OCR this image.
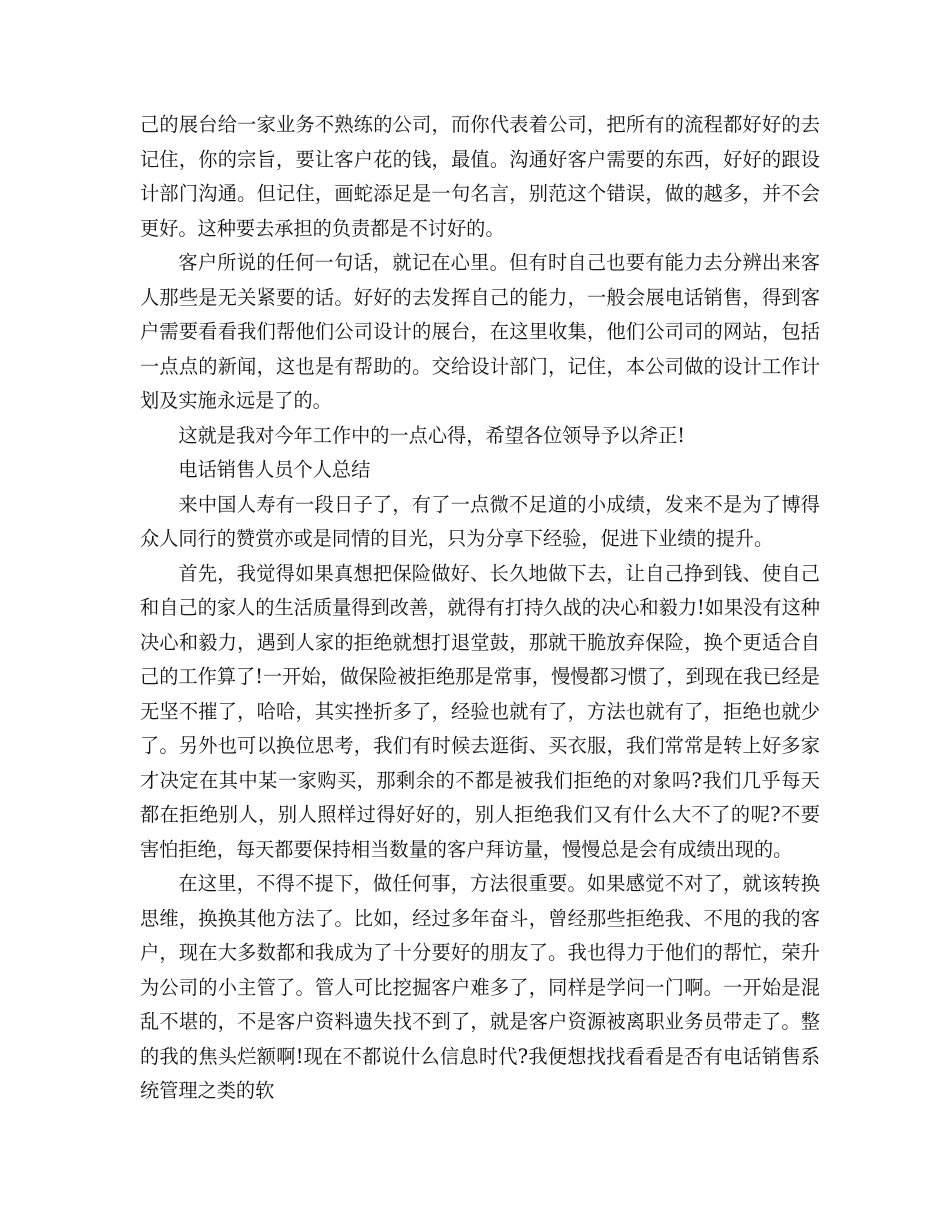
己的展台给一家业务不熟练的公司，而你代表着公司，把所有的流程都好好的去记住，你的宗旨，要让客户花的钱，最值。沟通好客户需要的东西，好好的跟设计部门沟通。但记住，画蛇添足是一句名言，别范这个错误，做的越多，并不会更好。这种要去承担的负责都是不讨好的。

客户所说的任何一句话，就记在心里。但有时自己也要有能力去分辨出来客人那些是无关紧要的话。好好的去发挥自己的能力，一般会展电话销售，得到客户需要看看我们帮他们公司设计的展台，在这里收集，他们公司司的网站，包括一点点的新闻，这也是有帮助的。交给设计部门，记住，本公司做的设计工作计划及实施永远是了的。

这就是我对今年工作中的一点心得，希望各位领导予以斧正!

电话销售人员个人总结

来中国人寿有一段日子了，有了一点微不足道的小成绩，发来不是为了博得众人同行的赞赏亦或是同情的目光，只为分享下经验，促进下业绩的提升。

首先，我觉得如果真想把保险做好、长久地做下去，让自己挣到钱、使自己和自己的家人的生活质量得到改善，就得有打持久战的决心和毅力!如果没有这种决心和毅力，遇到人家的拒绝就想打退堂鼓，那就干脆放弃保险，换个更适合自己的工作算了!一开始，做保险被拒绝那是常事，慢慢都习惯了，到现在我已经是无坚不摧了，哈哈，其实挫折多了，经验也就有了，方法也就有了，拒绝也就少了。另外也可以换位思考，我们有时候去逛街、买衣服，我们常常是转上好多家才决定在其中某一家购买，那剩余的不都是被我们拒绝的对象吗?我们几乎每天都在拒绝别人，别人照样过得好好的，别人拒绝我们又有什么大不了的呢?不要害怕拒绝，每天都要保持相当数量的客户拜访量，慢慢总是会有成绩出现的。

在这里，不得不提下，做任何事，方法很重要。如果感觉不对了，就该转换思维，换换其他方法了。比如，经过多年奋斗，曾经那些拒绝我、不甩的我的客户，现在大多数都和我成为了十分要好的朋友了。我也得力于他们的帮忙，荣升为公司的小主管了。管人可比挖掘客户难多了，同样是学问一门啊。一开始是混乱不堪的，不是客户资料遗失找不到了，就是客户资源被离职业务员带走了。整的我的焦头烂额啊!现在不都说什么信息时代?我便想找找看看是否有电话销售系统管理之类的软
